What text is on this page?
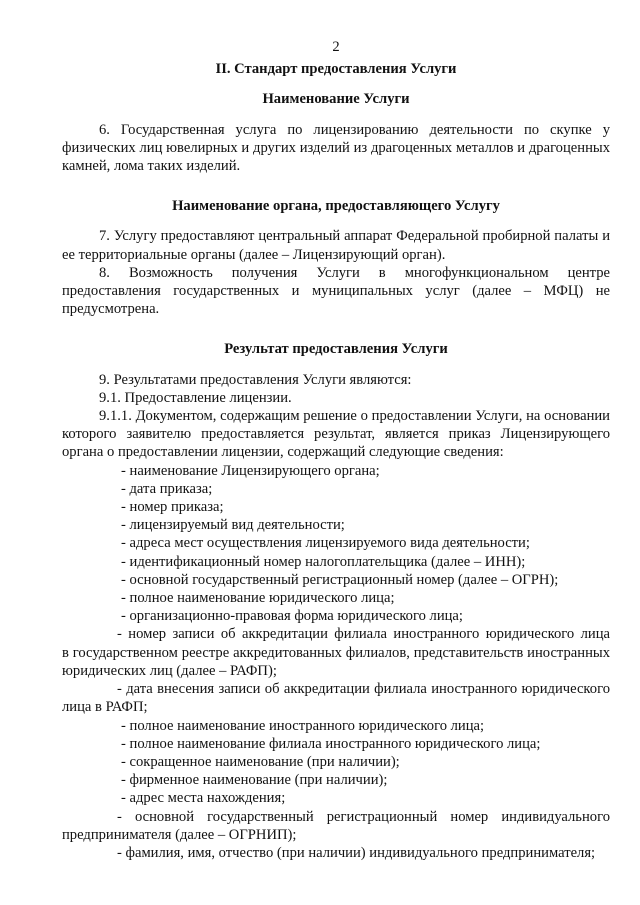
2
II. Стандарт предоставления Услуги
Наименование Услуги

6. Государственная услуга по лицензированию деятельности по скупке у физических лиц ювелирных и других изделий из драгоценных металлов и драгоценных камней, лома таких изделий.

Наименование органа, предоставляющего Услугу

7. Услугу предоставляют центральный аппарат Федеральной пробирной палаты и ее территориальные органы (далее – Лицензирующий орган).

8. Возможность получения Услуги в многофункциональном центре предоставления государственных и муниципальных услуг (далее – МФЦ) не предусмотрена.

Результат предоставления Услуги

9. Результатами предоставления Услуги являются:

9.1. Предоставление лицензии.

9.1.1. Документом, содержащим решение о предоставлении Услуги, на основании которого заявителю предоставляется результат, является приказ Лицензирующего органа о предоставлении лицензии, содержащий следующие сведения:

- наименование Лицензирующего органа;
- дата приказа;
- номер приказа;
- лицензируемый вид деятельности;
- адреса мест осуществления лицензируемого вида деятельности;
- идентификационный номер налогоплательщика (далее – ИНН);
- основной государственный регистрационный номер (далее – ОГРН);
- полное наименование юридического лица;
- организационно-правовая форма юридического лица;
- номер записи об аккредитации филиала иностранного юридического лица
в государственном реестре аккредитованных филиалов, представительств иностранных юридических лиц (далее – РАФП);
- дата внесения записи об аккредитации филиала иностранного юридического лица в РАФП;
- полное наименование иностранного юридического лица;
- полное наименование филиала иностранного юридического лица;
- сокращенное наименование (при наличии);
- фирменное наименование (при наличии);
- адрес места нахождения;
- основной государственный регистрационный номер индивидуального предпринимателя (далее – ОГРНИП);
- фамилия, имя, отчество (при наличии) индивидуального предпринимателя;
